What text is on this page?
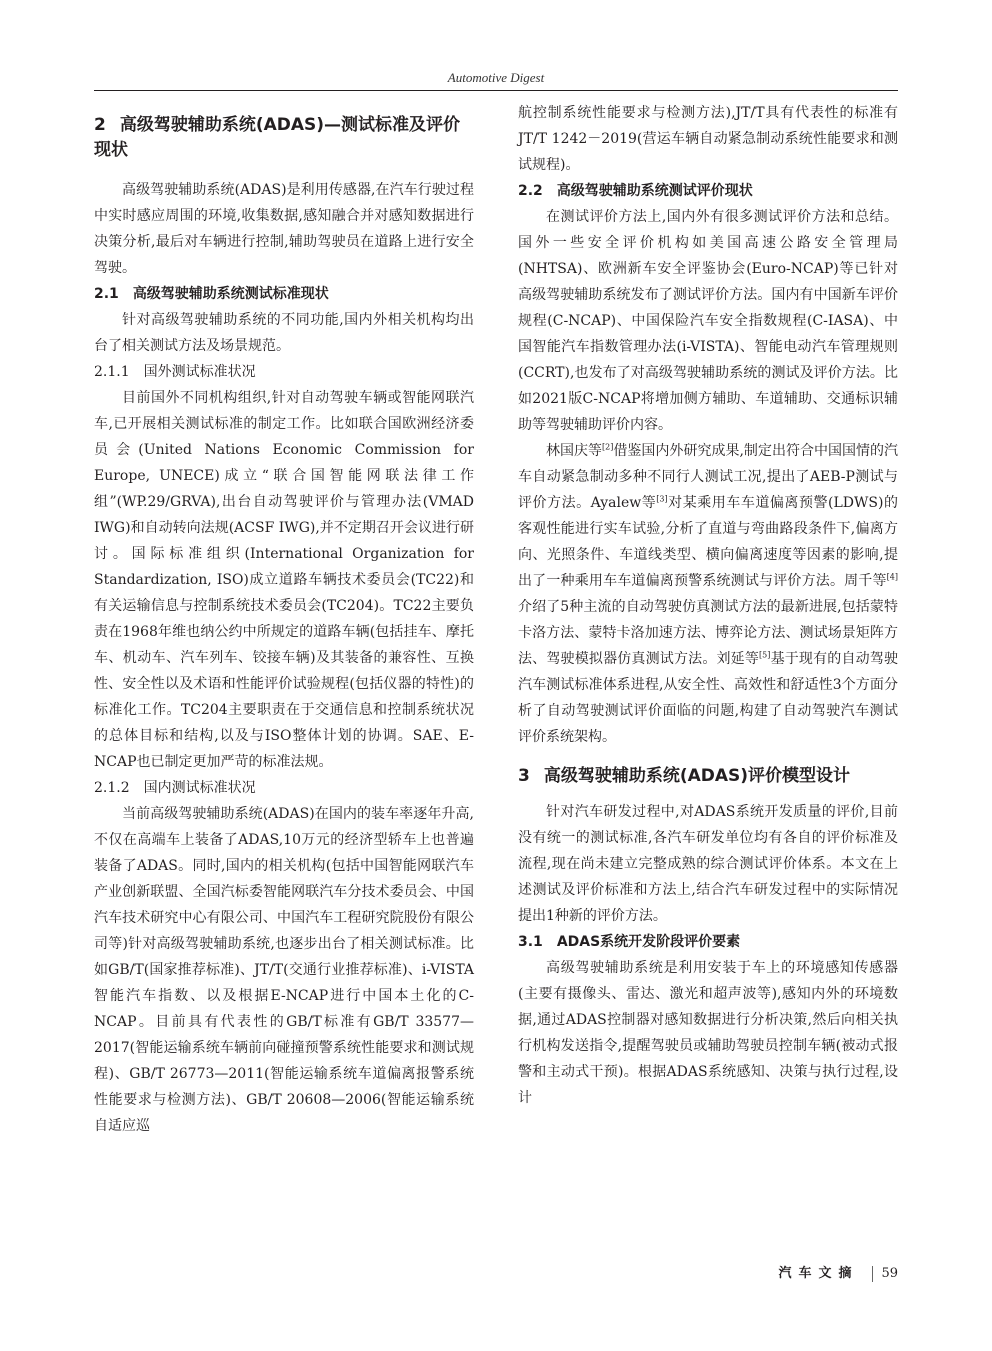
Automotive Digest
2 高级驾驶辅助系统(ADAS)—测试标准及评价现状

高级驾驶辅助系统(ADAS)是利用传感器,在汽车行驶过程中实时感应周围的环境,收集数据,感知融合并对感知数据进行决策分析,最后对车辆进行控制,辅助驾驶员在道路上进行安全驾驶。

2.1 高级驾驶辅助系统测试标准现状

针对高级驾驶辅助系统的不同功能,国内外相关机构均出台了相关测试方法及场景规范。

2.1.1 国外测试标准状况

目前国外不同机构组织,针对自动驾驶车辆或智能网联汽车,已开展相关测试标准的制定工作。比如联合国欧洲经济委员会(United Nations Economic Commission for Europe, UNECE)成立“联合国智能网联法律工作组”(WP.29/GRVA),出台自动驾驶评价与管理办法(VMAD IWG)和自动转向法规(ACSF IWG),并不定期召开会议进行研讨。国际标准组织(International Organization for Standardization, ISO)成立道路车辆技术委员会(TC22)和有关运输信息与控制系统技术委员会(TC204)。TC22主要负责在1968年维也纳公约中所规定的道路车辆(包括挂车、摩托车、机动车、汽车列车、铰接车辆)及其装备的兼容性、互换性、安全性以及术语和性能评价试验规程(包括仪器的特性)的标准化工作。TC204主要职责在于交通信息和控制系统状况的总体目标和结构,以及与ISO整体计划的协调。SAE、E-NCAP也已制定更加严苛的标准法规。

2.1.2 国内测试标准状况

当前高级驾驶辅助系统(ADAS)在国内的装车率逐年升高,不仅在高端车上装备了ADAS,10万元的经济型轿车上也普遍装备了ADAS。同时,国内的相关机构(包括中国智能网联汽车产业创新联盟、全国汽标委智能网联汽车分技术委员会、中国汽车技术研究中心有限公司、中国汽车工程研究院股份有限公司等)针对高级驾驶辅助系统,也逐步出台了相关测试标准。比如GB/T(国家推荐标准)、JT/T(交通行业推荐标准)、i-VISTA智能汽车指数、以及根据E-NCAP进行中国本土化的C-NCAP。目前具有代表性的GB/T标准有GB/T 33577—2017(智能运输系统车辆前向碰撞预警系统性能要求和测试规程)、GB/T 26773—2011(智能运输系统车道偏离报警系统性能要求与检测方法)、GB/T 20608—2006(智能运输系统自适应巡

航控制系统性能要求与检测方法),JT/T具有代表性的标准有JT/T 1242－2019(营运车辆自动紧急制动系统性能要求和测试规程)。

2.2 高级驾驶辅助系统测试评价现状

在测试评价方法上,国内外有很多测试评价方法和总结。国外一些安全评价机构如美国高速公路安全管理局(NHTSA)、欧洲新车安全评鉴协会(Euro-NCAP)等已针对高级驾驶辅助系统发布了测试评价方法。国内有中国新车评价规程(C-NCAP)、中国保险汽车安全指数规程(C-IASA)、中国智能汽车指数管理办法(i-VISTA)、智能电动汽车管理规则(CCRT),也发布了对高级驾驶辅助系统的测试及评价方法。比如2021版C-NCAP将增加侧方辅助、车道辅助、交通标识辅助等驾驶辅助评价内容。

林国庆等[2]借鉴国内外研究成果,制定出符合中国国情的汽车自动紧急制动多种不同行人测试工况,提出了AEB-P测试与评价方法。Ayalew等[3]对某乘用车车道偏离预警(LDWS)的客观性能进行实车试验,分析了直道与弯曲路段条件下,偏离方向、光照条件、车道线类型、横向偏离速度等因素的影响,提出了一种乘用车车道偏离预警系统测试与评价方法。周千等[4]介绍了5种主流的自动驾驶仿真测试方法的最新进展,包括蒙特卡洛方法、蒙特卡洛加速方法、博弈论方法、测试场景矩阵方法、驾驶模拟器仿真测试方法。刘延等[5]基于现有的自动驾驶汽车测试标准体系进程,从安全性、高效性和舒适性3个方面分析了自动驾驶测试评价面临的问题,构建了自动驾驶汽车测试评价系统架构。

3 高级驾驶辅助系统(ADAS)评价模型设计

针对汽车研发过程中,对ADAS系统开发质量的评价,目前没有统一的测试标准,各汽车研发单位均有各自的评价标准及流程,现在尚未建立完整成熟的综合测试评价体系。本文在上述测试及评价标准和方法上,结合汽车研发过程中的实际情况提出1种新的评价方法。

3.1 ADAS系统开发阶段评价要素

高级驾驶辅助系统是利用安装于车上的环境感知传感器(主要有摄像头、雷达、激光和超声波等),感知内外的环境数据,通过ADAS控制器对感知数据进行分析决策,然后向相关执行机构发送指令,提醒驾驶员或辅助驾驶员控制车辆(被动式报警和主动式干预)。根据ADAS系统感知、决策与执行过程,设计

汽车文摘 59
